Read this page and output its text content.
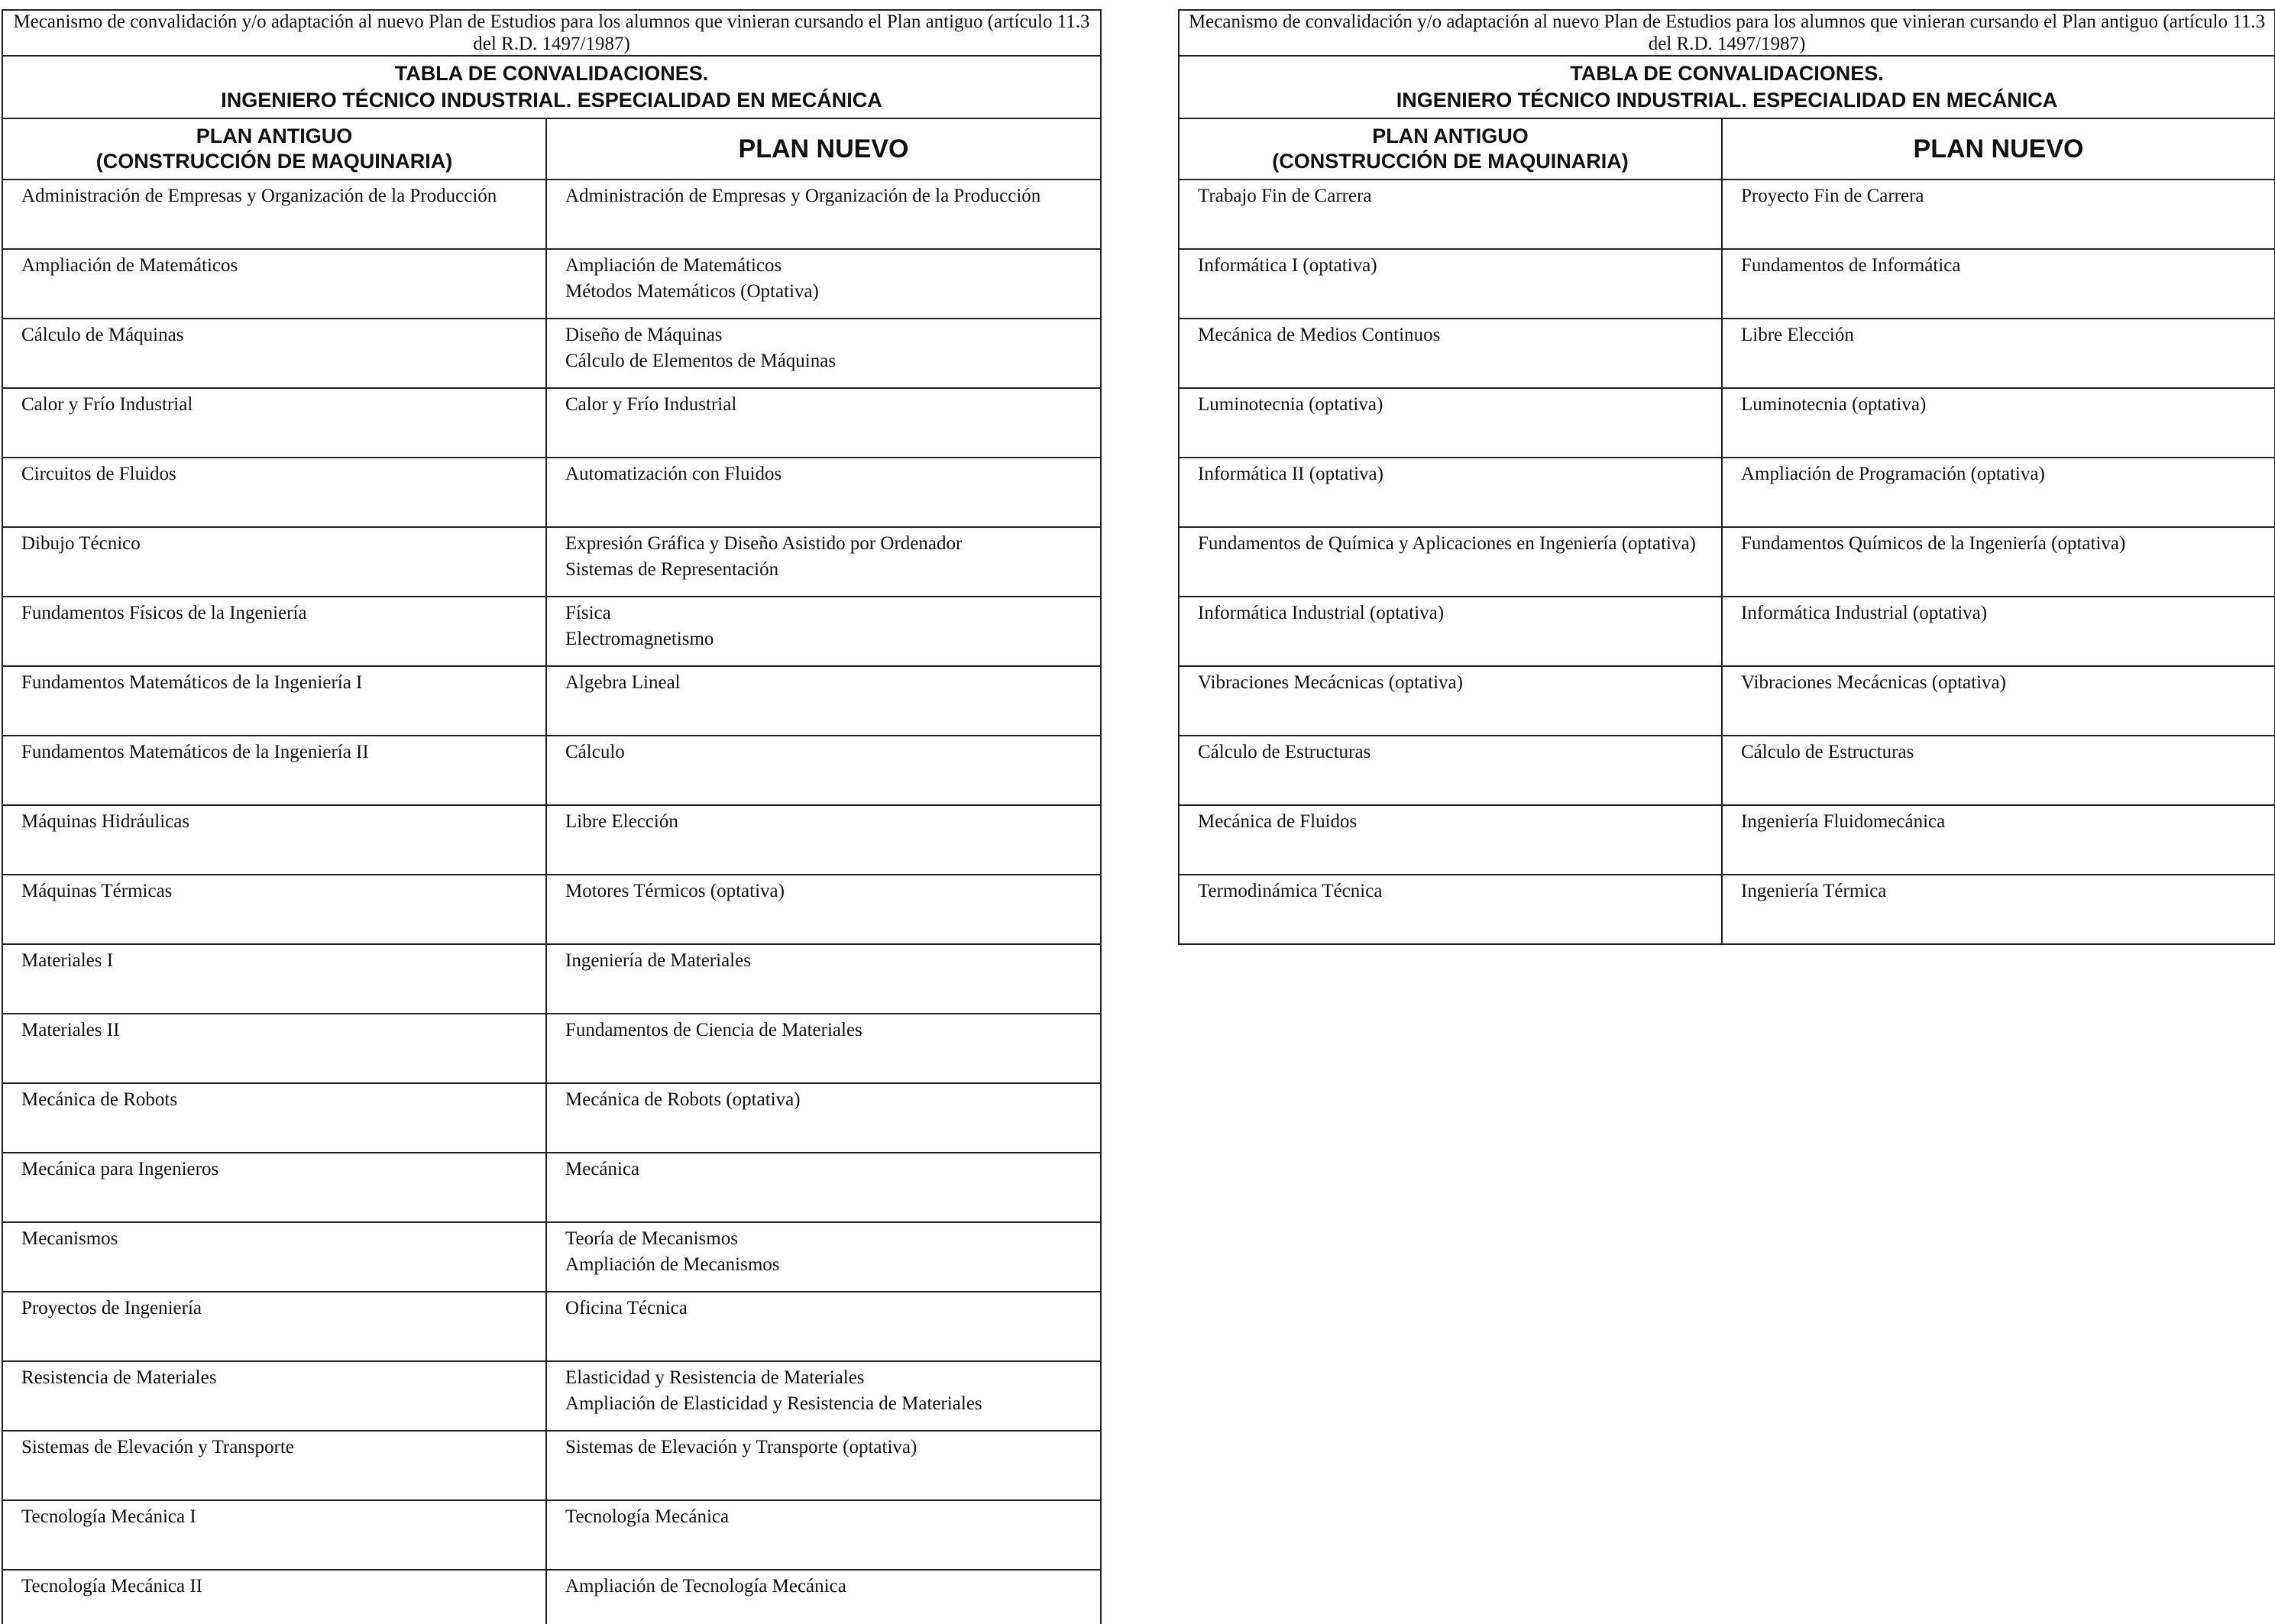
Mecanismo de convalidación y/o adaptación al nuevo Plan de Estudios para los alumnos que vinieran cursando el Plan antiguo (artículo 11.3 del R.D. 1497/1987)	

TABLA DE CONVALIDACIONES.
INGENIERO TÉCNICO INDUSTRIAL. ESPECIALIDAD EN MECÁNICA	

PLAN ANTIGUO
(CONSTRUCCIÓN DE MAQUINARIA)	PLAN NUEVO
Administración de Empresas y Organización de la Producción	Administración de Empresas y Organización de la Producción

Ampliación de Matemáticos	Ampliación de Matemáticos
Métodos Matemáticos (Optativa)

Cálculo de Máquinas	Diseño de Máquinas
Cálculo de Elementos de Máquinas

Calor y Frío Industrial	Calor y Frío Industrial

Circuitos de Fluidos	Automatización con Fluidos

Dibujo Técnico	Expresión Gráfica y Diseño Asistido por Ordenador
Sistemas de Representación

Fundamentos Físicos de la Ingeniería	Física
Electromagnetismo

Fundamentos Matemáticos de la Ingeniería I	Algebra Lineal

Fundamentos Matemáticos de la Ingeniería II	Cálculo

Máquinas Hidráulicas	Libre Elección

Máquinas Térmicas	Motores Térmicos (optativa)

Materiales I	Ingeniería de Materiales

Materiales II	Fundamentos de Ciencia de Materiales

Mecánica de Robots	Mecánica de Robots (optativa)

Mecánica para Ingenieros	Mecánica

Mecanismos	Teoría de Mecanismos
Ampliación de Mecanismos

Proyectos de Ingeniería	Oficina Técnica

Resistencia de Materiales	Elasticidad y Resistencia de Materiales
Ampliación de Elasticidad y Resistencia de Materiales

Sistemas de Elevación y Transporte	Sistemas de Elevación y Transporte (optativa)

Tecnología Mecánica I	Tecnología Mecánica

Tecnología Mecánica II	Ampliación de Tecnología Mecánica
Mecanismo de convalidación y/o adaptación al nuevo Plan de Estudios para los alumnos que vinieran cursando el Plan antiguo (artículo 11.3 del R.D. 1497/1987)	

TABLA DE CONVALIDACIONES.
INGENIERO TÉCNICO INDUSTRIAL. ESPECIALIDAD EN MECÁNICA	

PLAN ANTIGUO
(CONSTRUCCIÓN DE MAQUINARIA)	PLAN NUEVO
Trabajo Fin de Carrera	Proyecto Fin de Carrera

Informática I (optativa)	Fundamentos de Informática

Mecánica de Medios Continuos	Libre Elección

Luminotecnia (optativa)	Luminotecnia (optativa)

Informática II (optativa)	Ampliación de Programación (optativa)

Fundamentos de Química y Aplicaciones en Ingeniería (optativa)	Fundamentos Químicos de la Ingeniería (optativa)

Informática Industrial (optativa)	Informática Industrial (optativa)

Vibraciones Mecácnicas (optativa)	Vibraciones Mecácnicas (optativa)

Cálculo de Estructuras	Cálculo de Estructuras

Mecánica de Fluidos	Ingeniería Fluidomecánica

Termodinámica Técnica	Ingeniería Térmica
